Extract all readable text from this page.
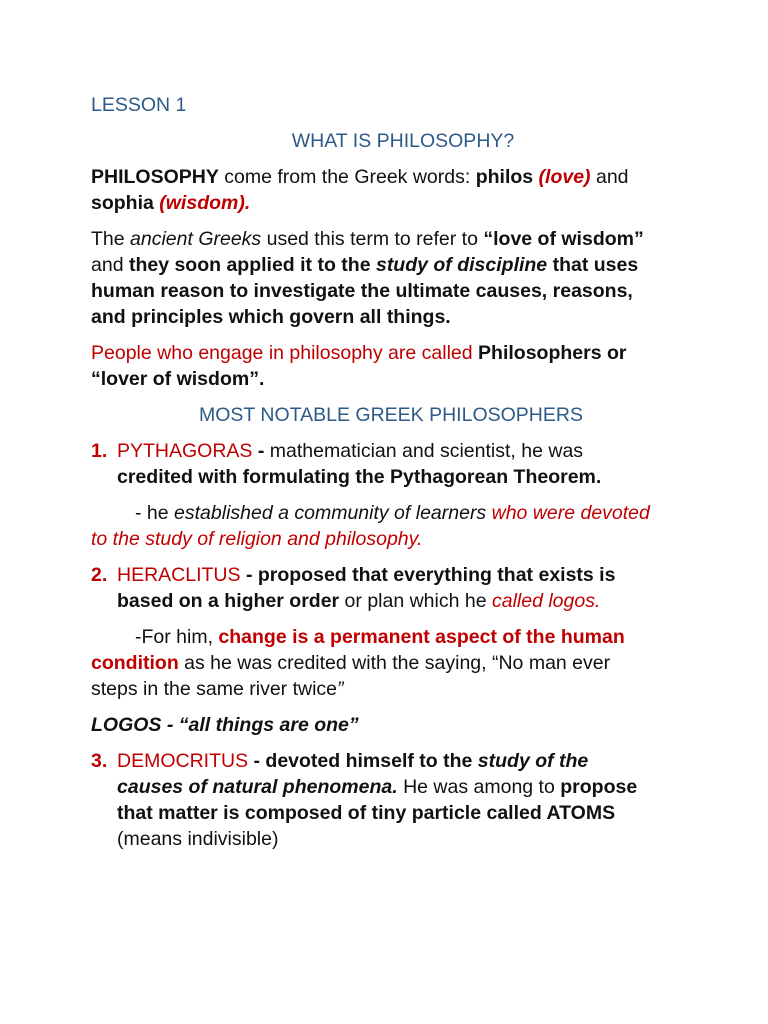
LESSON 1

WHAT IS PHILOSOPHY?

PHILOSOPHY come from the Greek words: philos (love) and
sophia (wisdom).

The ancient Greeks used this term to refer to “love of wisdom”
and they soon applied it to the study of discipline that uses
human reason to investigate the ultimate causes, reasons,
and principles which govern all things.

People who engage in philosophy are called Philosophers or
“lover of wisdom”.

MOST NOTABLE GREEK PHILOSOPHERS

1. PYTHAGORAS - mathematician and scientist, he was
credited with formulating the Pythagorean Theorem.

- he established a community of learners who were devoted
to the study of religion and philosophy.

2. HERACLITUS - proposed that everything that exists is
based on a higher order or plan which he called logos.

-For him, change is a permanent aspect of the human
condition as he was credited with the saying, “No man ever
steps in the same river twice”

LOGOS - “all things are one”

3. DEMOCRITUS - devoted himself to the study of the
causes of natural phenomena. He was among to propose
that matter is composed of tiny particle called ATOMS
(means indivisible)
